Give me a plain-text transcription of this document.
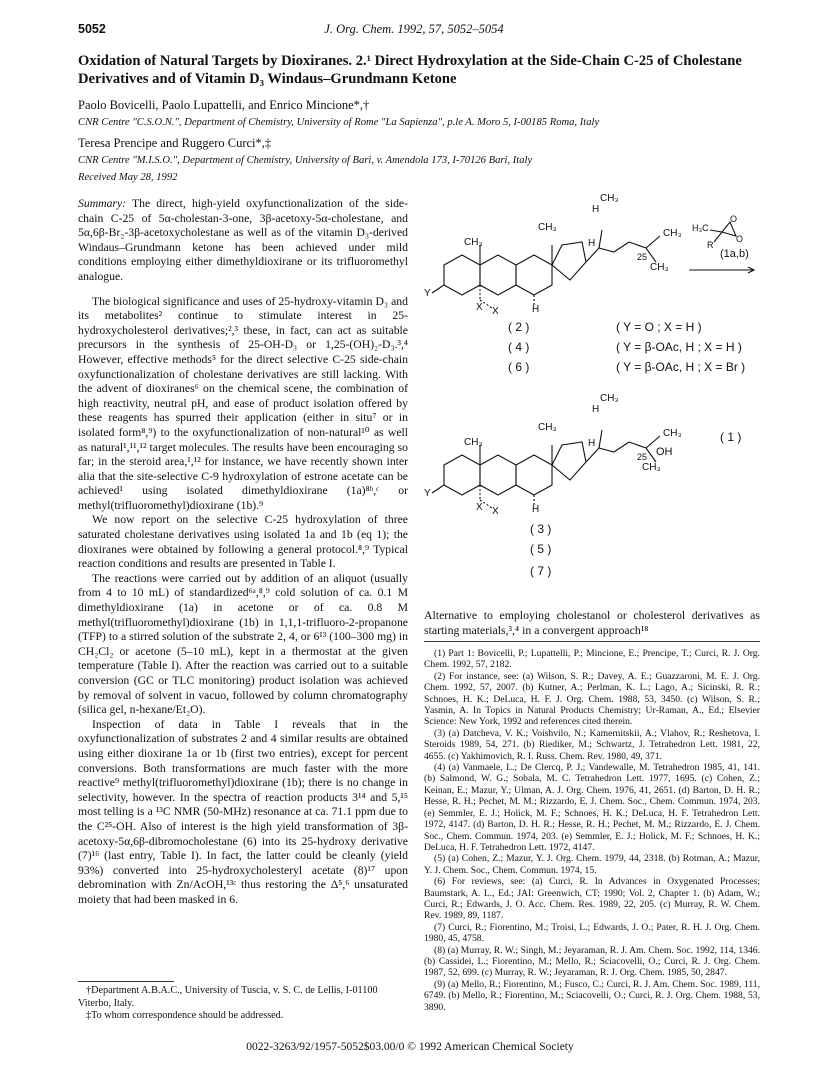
5052	J. Org. Chem. 1992, 57, 5052–5054
Oxidation of Natural Targets by Dioxiranes. 2.¹ Direct Hydroxylation at the Side-Chain C-25 of Cholestane Derivatives and of Vitamin D₃ Windaus–Grundmann Ketone
Paolo Bovicelli, Paolo Lupattelli, and Enrico Mincione*,†
CNR Centre "C.S.O.N.", Department of Chemistry, University of Rome "La Sapienza", p.le A. Moro 5, I-00185 Roma, Italy
Teresa Prencipe and Ruggero Curci*,‡
CNR Centre "M.I.S.O.", Department of Chemistry, University of Bari, v. Amendola 173, I-70126 Bari, Italy
Received May 28, 1992

Summary: The direct, high-yield oxyfunctionalization of the side-chain C-25 of 5α-cholestan-3-one, 3β-acetoxy-5α-cholestane, and 5α,6β-Br₂-3β-acetoxycholestane as well as of the vitamin D₃-derived Windaus–Grundmann ketone has been achieved under mild conditions employing either dimethyldioxirane or its trifluoromethyl analogue.

The biological significance and uses of 25-hydroxy-vitamin D₃ and its metabolites² continue to stimulate interest in 25-hydroxycholesterol derivatives;²,³ these, in fact, can act as suitable precursors in the synthesis of 25-OH-D₃ or 1,25-(OH)₂-D₃.³,⁴ However, effective methods⁵ for the direct selective C-25 side-chain oxyfunctionalization of cholestane derivatives are still lacking. With the advent of dioxiranes⁶ on the chemical scene, the combination of high reactivity, neutral pH, and ease of product isolation offered by these reagents has spurred their application (either in situ⁷ or in isolated form⁸,⁹) to the oxyfunctionalization of non-natural¹⁰ as well as natural¹,¹¹,¹² target molecules. The results have been encouraging so far; in the steroid area,¹,¹² for instance, we have recently shown inter alia that the site-selective C-9 hydroxylation of estrone acetate can be achieved¹ using isolated dimethyldioxirane (1a)⁸ᵇ,ᶜ or methyl(trifluoromethyl)dioxirane (1b).⁹

We now report on the selective C-25 hydroxylation of three saturated cholestane derivatives using isolated 1a and 1b (eq 1); the dioxiranes were obtained by following a general protocol.⁸,⁹ Typical reaction conditions and results are presented in Table I.

The reactions were carried out by addition of an aliquot (usually from 4 to 10 mL) of standardized⁶ᵃ,⁸,⁹ cold solution of ca. 0.1 M dimethyldioxirane (1a) in acetone or of ca. 0.8 M methyl(trifluoromethyl)dioxirane (1b) in 1,1,1-trifluoro-2-propanone (TFP) to a stirred solution of the substrate 2, 4, or 6¹³ (100–300 mg) in CH₂Cl₂ or acetone (5–10 mL), kept in a thermostat at the given temperature (Table I). After the reaction was carried out to a suitable conversion (GC or TLC monitoring) product isolation was achieved by removal of solvent in vacuo, followed by column chromatography (silica gel, n-hexane/Et₂O).

Inspection of data in Table I reveals that in the oxyfunctionalization of substrates 2 and 4 similar results are obtained using either dioxirane 1a or 1b (first two entries), except for percent conversions. Both transformations are much faster with the more reactive⁹ methyl(trifluoromethyl)dioxirane (1b); there is no change in selectivity, however. In the spectra of reaction products 3¹⁴ and 5,¹⁵ most telling is a ¹³C NMR (50-MHz) resonance at ca. 71.1 ppm due to the C²⁵-OH. Also of interest is the high yield transformation of 3β-acetoxy-5α,6β-dibromocholestane (6) into its 25-hydroxy derivative (7)¹⁶ (last entry, Table I). In fact, the latter could be cleanly (yield 93%) converted into 25-hydroxycholesteryl acetate (8)¹⁷ upon debromination with Zn/AcOH,¹³ᶜ thus restoring the Δ⁵,⁶ unsaturated moiety that had been masked in 6.

†Department A.B.A.C., University of Tuscia, v. S. C. de Lellis, I-01100 Viterbo, Italy.

‡To whom correspondence should be addressed.

CH₃
H
CH₃
CH₃	H
25
CH₃
CH₃
H
Y
X X
H₃C
R
O
O
(1a,b)
( 2 )	( Y = O ; X = H )
( 4 )	( Y = β-OAc, H ; X = H )
( 6 )	( Y = β-OAc, H ; X = Br )
CH₃
H
CH₃
CH₃	H
25
CH₃
OH
CH₃
H
Y
X X
( 1 )
( 3 )
( 5 )
( 7 )
Alternative to employing cholestanol or cholesterol derivatives as starting materials,³,⁴ in a convergent approach¹⁸

(1) Part 1: Bovicelli, P.; Lupattelli, P.; Mincione, E.; Prencipe, T.; Curci, R. J. Org. Chem. 1992, 57, 2182.

(2) For instance, see: (a) Wilson, S. R.; Davey, A. E.; Guazzaroni, M. E. J. Org. Chem. 1992, 57, 2007. (b) Kutner, A.; Perlman, K. L.; Lago, A.; Sicinski, R. R.; Schnoes, H. K.; DeLuca, H. F. J. Org. Chem. 1988, 53, 3450. (c) Wilson, S. R.; Yasmin, A. In Topics in Natural Products Chemistry; Ur-Raman, A., Ed.; Elsevier Science: New York, 1992 and references cited therein.

(3) (a) Datcheva, V. K.; Voishvilo, N.; Kamernitskii, A.; Vlahov, R.; Reshetova, I. Steroids 1989, 54, 271. (b) Riediker, M.; Schwartz, J. Tetrahedron Lett. 1981, 22, 4655. (c) Yakhimovich, R. I. Russ. Chem. Rev. 1980, 49, 371.

(4) (a) Vanmaele, L.; De Clercq, P. J.; Vandewalle, M. Tetrahedron 1985, 41, 141. (b) Salmond, W. G.; Sobala, M. C. Tetrahedron Lett. 1977, 1695. (c) Cohen, Z.; Keinan, E.; Mazur, Y.; Ulman, A. J. Org. Chem. 1976, 41, 2651. (d) Barton, D. H. R.; Hesse, R. H.; Pechet, M. M.; Rizzardo, E. J. Chem. Soc., Chem. Commun. 1974, 203. (e) Semmler, E. J.; Holick, M. F.; Schnoes, H. K.; DeLuca, H. F. Tetrahedron Lett. 1972, 4147. (d) Barton, D. H. R.; Hesse, R. H.; Pechet, M. M.; Rizzardo, E. J. Chem. Soc., Chem. Commun. 1974, 203. (e) Semmler, E. J.; Holick, M. F.; Schnoes, H. K.; DeLuca, H. F. Tetrahedron Lett. 1972, 4147.

(5) (a) Cohen, Z.; Mazur, Y. J. Org. Chem. 1979, 44, 2318. (b) Rotman, A.; Mazur, Y. J. Chem. Soc., Chem. Commun. 1974, 15.

(6) For reviews, see: (a) Curci, R. In Advances in Oxygenated Processes; Baumstark, A. L., Ed.; JAI: Greenwich, CT; 1990; Vol. 2, Chapter 1. (b) Adam, W.; Curci, R.; Edwards, J. O. Acc. Chem. Res. 1989, 22, 205. (c) Murray, R. W. Chem. Rev. 1989, 89, 1187.

(7) Curci, R.; Fiorentino, M.; Troisi, L.; Edwards, J. O.; Pater, R. H. J. Org. Chem. 1980, 45, 4758.

(8) (a) Murray, R. W.; Singh, M.; Jeyaraman, R. J. Am. Chem. Soc. 1992, 114, 1346. (b) Cassidei, L.; Fiorentino, M.; Mello, R.; Sciacovelli, O.; Curci, R. J. Org. Chem. 1987, 52, 699. (c) Murray, R. W.; Jeyaraman, R. J. Org. Chem. 1985, 50, 2847.

(9) (a) Mello, R.; Fiorentino, M.; Fusco, C.; Curci, R. J. Am. Chem. Soc. 1989, 111, 6749. (b) Mello, R.; Fiorentino, M.; Sciacovelli, O.; Curci, R. J. Org. Chem. 1988, 53, 3890.

0022-3263/92/1957-5052$03.00/0 © 1992 American Chemical Society
